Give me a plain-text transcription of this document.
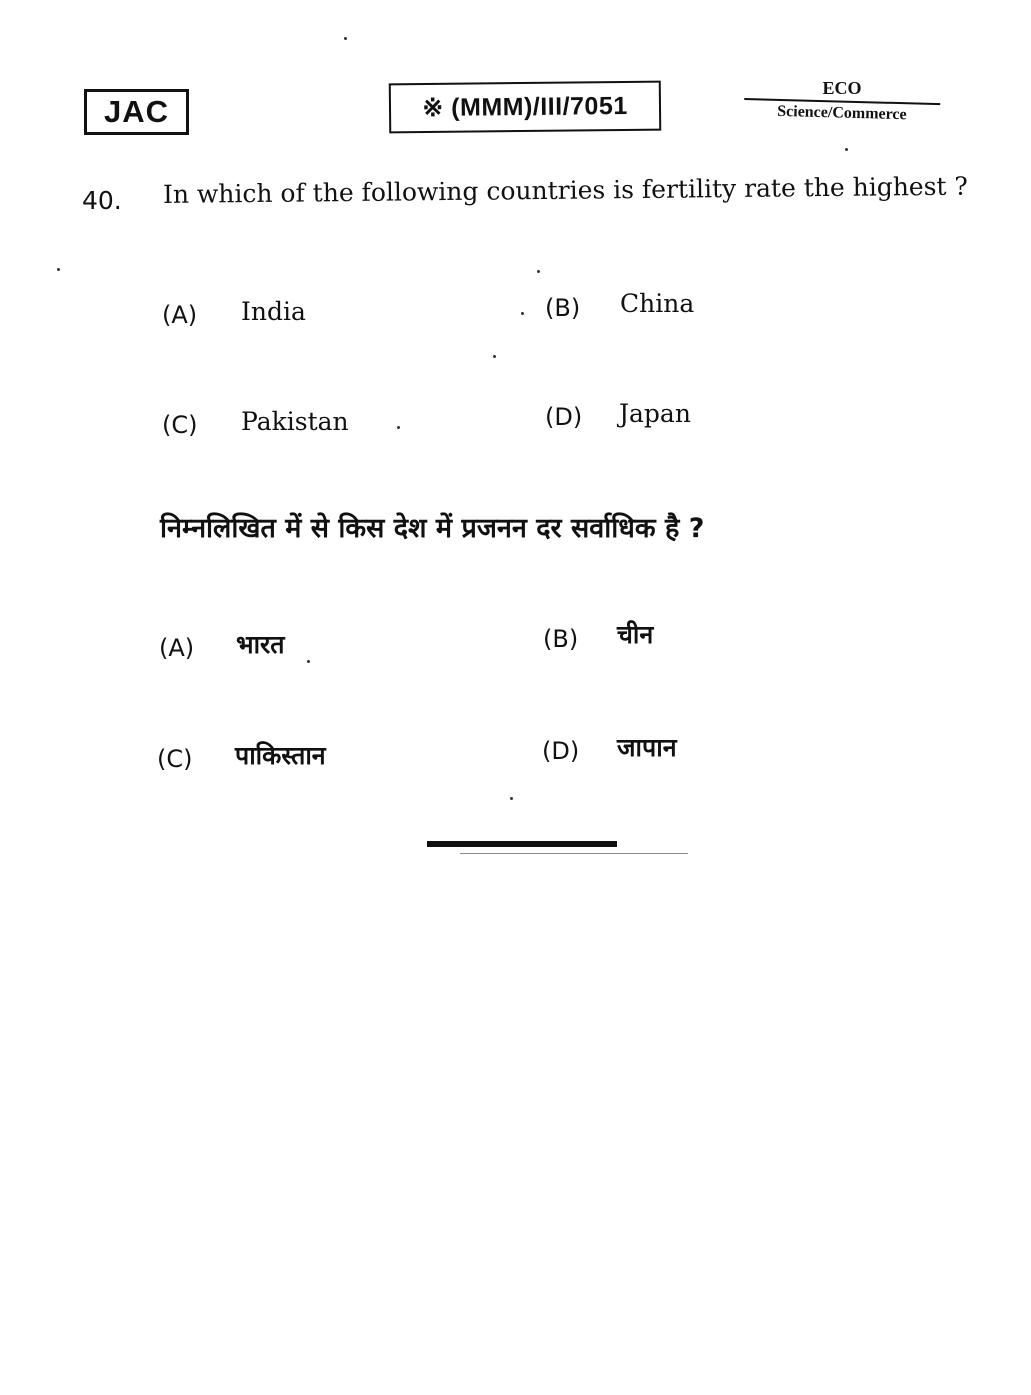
JAC	※ (MMM)/III/7051
ECO
Science/Commerce
40. In which of the following countries is fertility rate the highest ?
(A) India	(B) China
(C) Pakistan	(D) Japan
निम्नलिखित में से किस देश में प्रजनन दर सर्वाधिक है ?
(A) भारत	(B) चीन
(C) पाकिस्तान	(D) जापान
